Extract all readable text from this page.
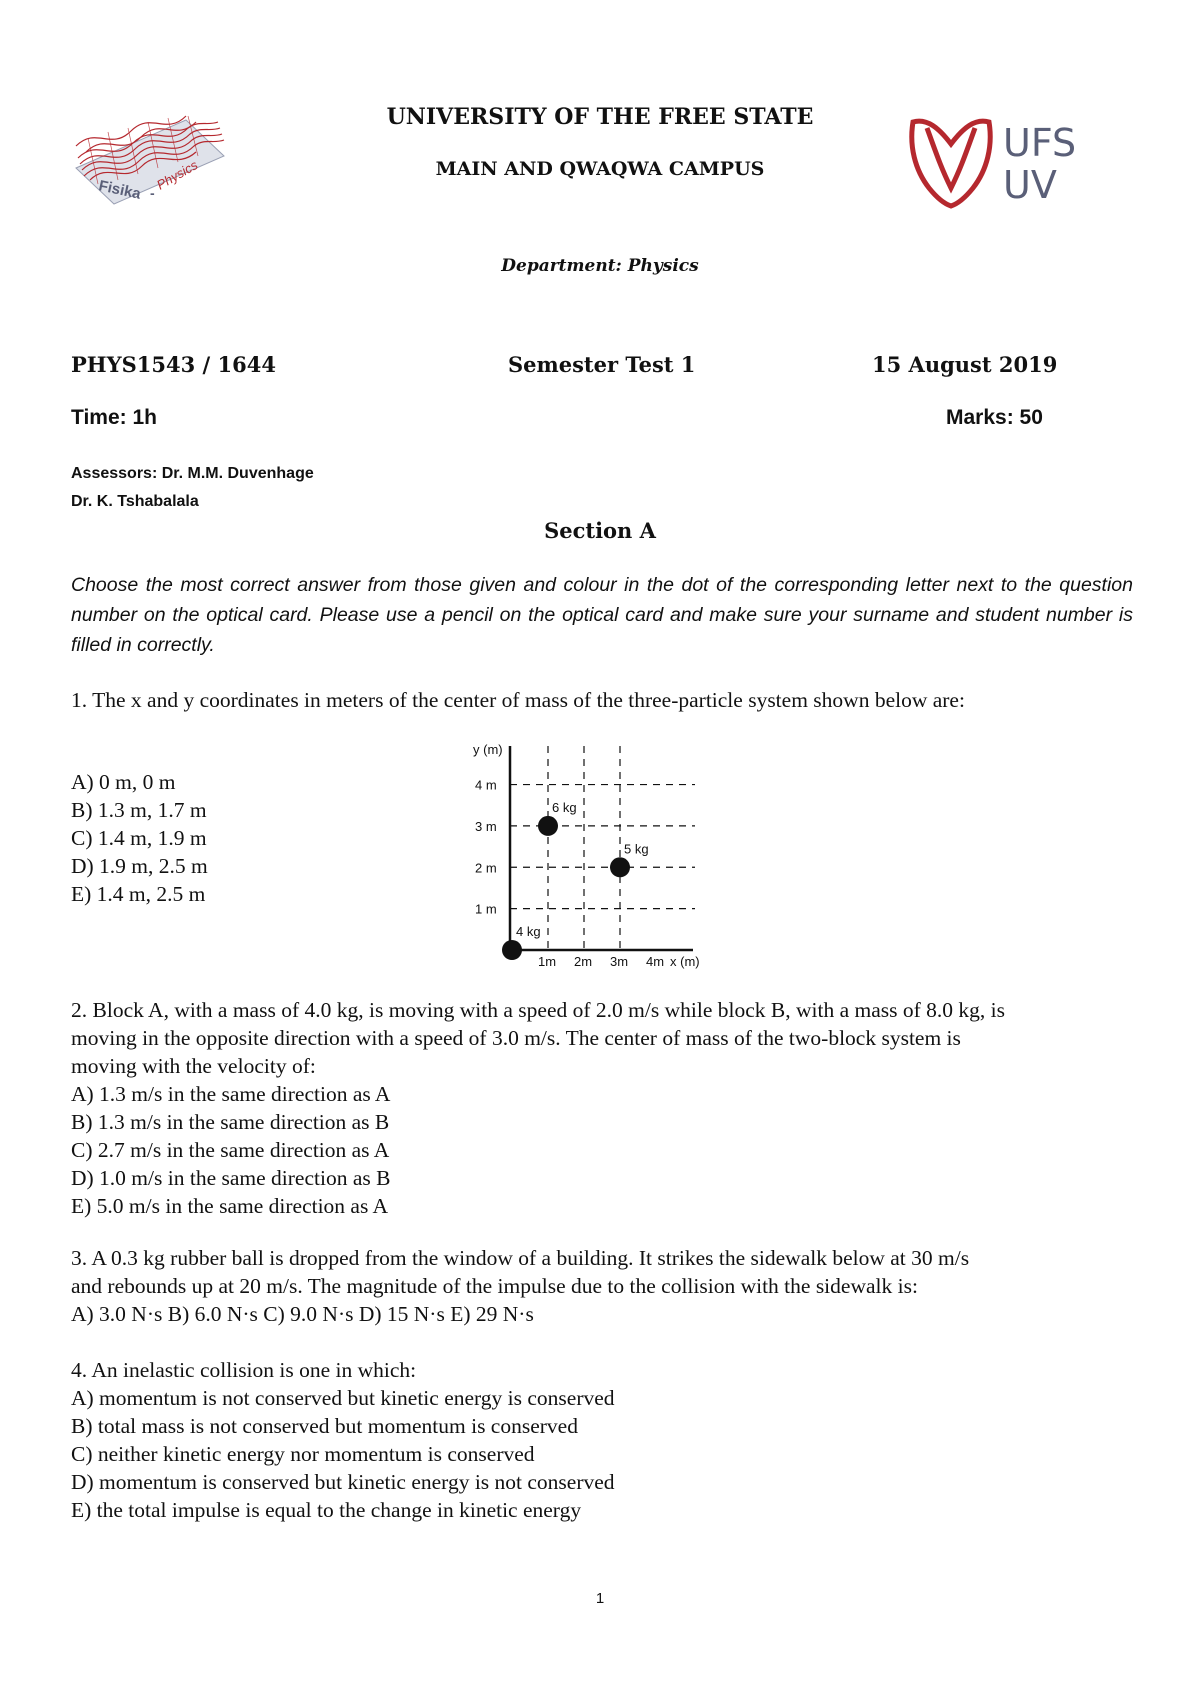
Fisika Physics
-
UFS
UV
UNIVERSITY OF THE FREE STATE
MAIN AND QWAQWA CAMPUS
Department: Physics
PHYS1543 / 1644	Semester Test 1	15 August 2019
Time: 1h	Marks: 50
Assessors: Dr. M.M. Duvenhage
Dr. K. Tshabalala
Section A
Choose the most correct answer from those given and colour in the dot of the corresponding letter next to the question number on the optical card. Please use a pencil on the optical card and make sure your surname and student number is filled in correctly.
1. The x and y coordinates in meters of the center of mass of the three-particle system shown below are:
A) 0 m, 0 m
B) 1.3 m, 1.7 m
C) 1.4 m, 1.9 m
D) 1.9 m, 2.5 m
E) 1.4 m, 2.5 m
y (m)
x (m)
1 m
2 m
3 m
4 m
1m 2m 3m 4m
4 kg
6 kg
5 kg
2. Block A, with a mass of 4.0 kg, is moving with a speed of 2.0 m/s while block B, with a mass of 8.0 kg, is
moving in the opposite direction with a speed of 3.0 m/s. The center of mass of the two-block system is
moving with the velocity of:
A) 1.3 m/s in the same direction as A
B) 1.3 m/s in the same direction as B
C) 2.7 m/s in the same direction as A
D) 1.0 m/s in the same direction as B
E) 5.0 m/s in the same direction as A
3. A 0.3 kg rubber ball is dropped from the window of a building. It strikes the sidewalk below at 30 m/s
and rebounds up at 20 m/s. The magnitude of the impulse due to the collision with the sidewalk is:
A) 3.0 N·s B) 6.0 N·s C) 9.0 N·s D) 15 N·s E) 29 N·s
4. An inelastic collision is one in which:
A) momentum is not conserved but kinetic energy is conserved
B) total mass is not conserved but momentum is conserved
C) neither kinetic energy nor momentum is conserved
D) momentum is conserved but kinetic energy is not conserved
E) the total impulse is equal to the change in kinetic energy
1
